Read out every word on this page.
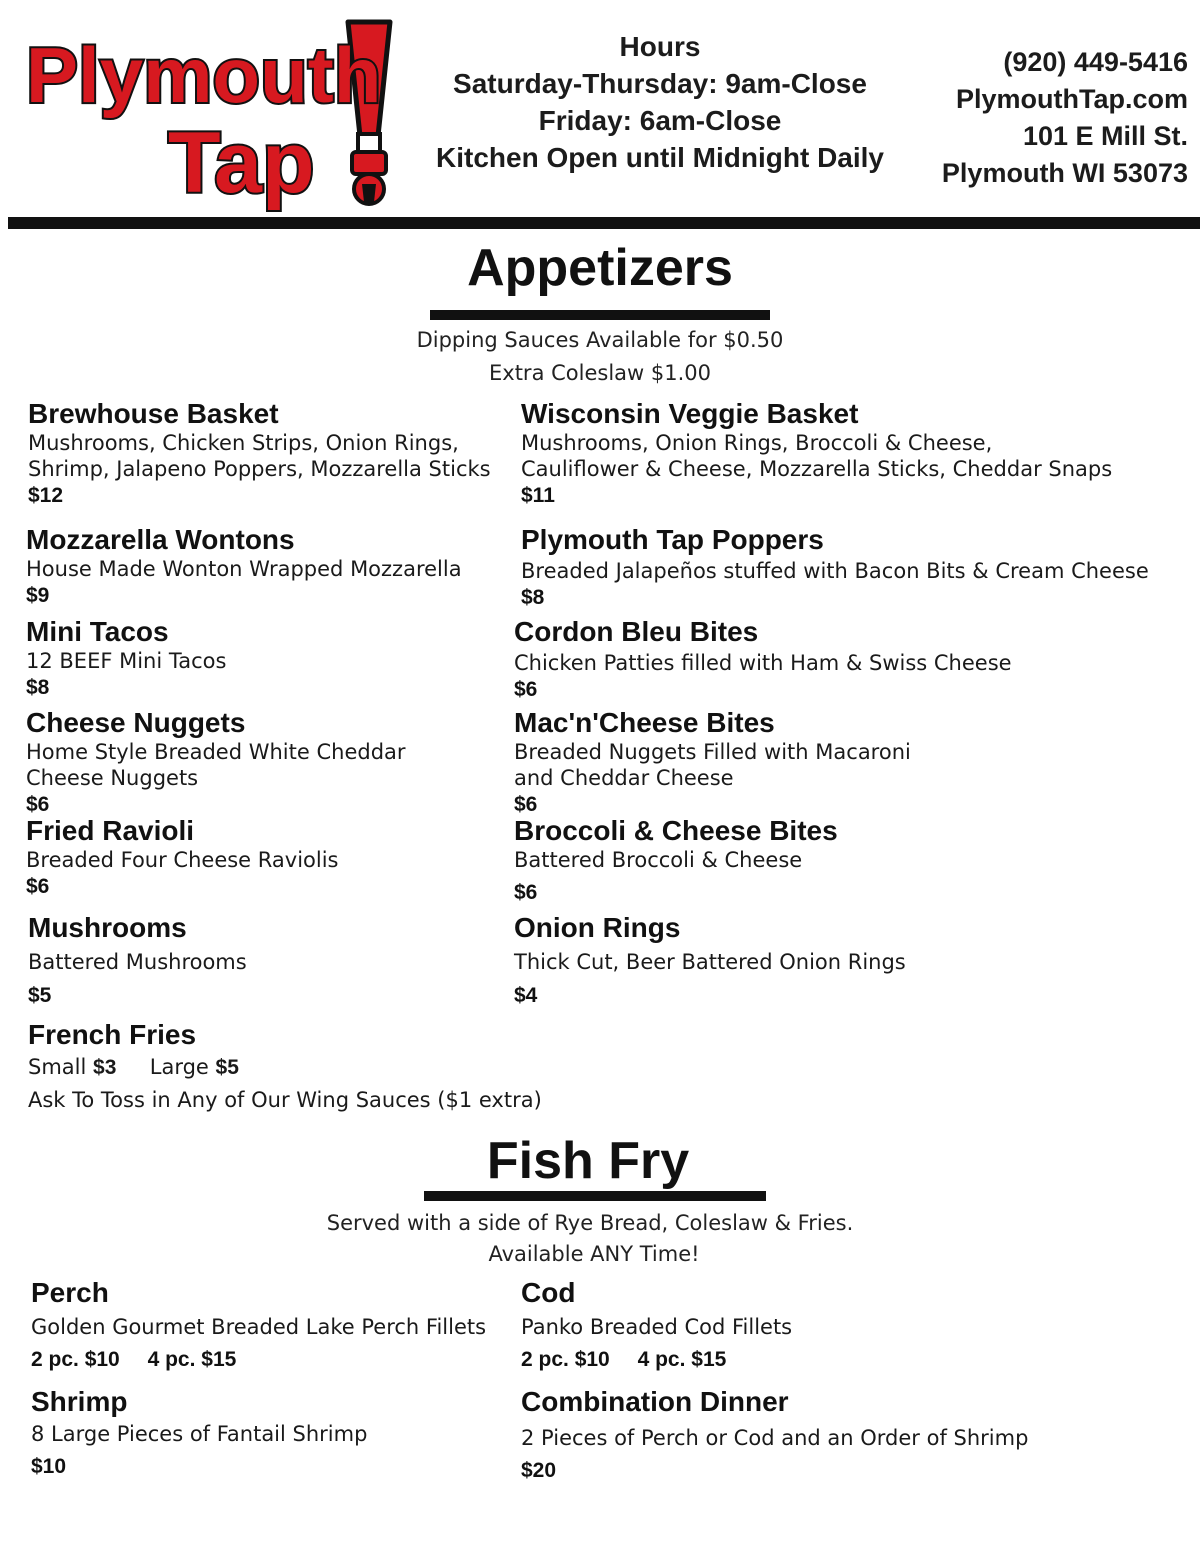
Plymouth
Tap
Hours
Saturday-Thursday: 9am-Close
Friday: 6am-Close
Kitchen Open until Midnight Daily
(920) 449-5416
PlymouthTap.com
101 E Mill St.
Plymouth WI 53073
Appetizers
Dipping Sauces Available for $0.50
Extra Coleslaw $1.00
Brewhouse Basket
Mushrooms, Chicken Strips, Onion Rings,
Shrimp, Jalapeno Poppers, Mozzarella Sticks
$12
Mozzarella Wontons
House Made Wonton Wrapped Mozzarella
$9
Mini Tacos
12 BEEF Mini Tacos
$8
Cheese Nuggets
Home Style Breaded White Cheddar
Cheese Nuggets
$6
Fried Ravioli
Breaded Four Cheese Raviolis
$6
Mushrooms
Battered Mushrooms
$5
French Fries
Small $3 Large $5
Ask To Toss in Any of Our Wing Sauces ($1 extra)
Wisconsin Veggie Basket
Mushrooms, Onion Rings, Broccoli & Cheese,
Cauliflower & Cheese, Mozzarella Sticks, Cheddar Snaps
$11
Plymouth Tap Poppers
Breaded Jalapeños stuffed with Bacon Bits & Cream Cheese
$8
Cordon Bleu Bites
Chicken Patties filled with Ham & Swiss Cheese
$6
Mac'n'Cheese Bites
Breaded Nuggets Filled with Macaroni
and Cheddar Cheese
$6
Broccoli & Cheese Bites
Battered Broccoli & Cheese
$6
Onion Rings
Thick Cut, Beer Battered Onion Rings
$4
Fish Fry
Served with a side of Rye Bread, Coleslaw & Fries.
Available ANY Time!
Perch
Golden Gourmet Breaded Lake Perch Fillets
2 pc. $10 4 pc. $15
Cod
Panko Breaded Cod Fillets
2 pc. $10 4 pc. $15
Shrimp
8 Large Pieces of Fantail Shrimp
$10
Combination Dinner
2 Pieces of Perch or Cod and an Order of Shrimp
$20
